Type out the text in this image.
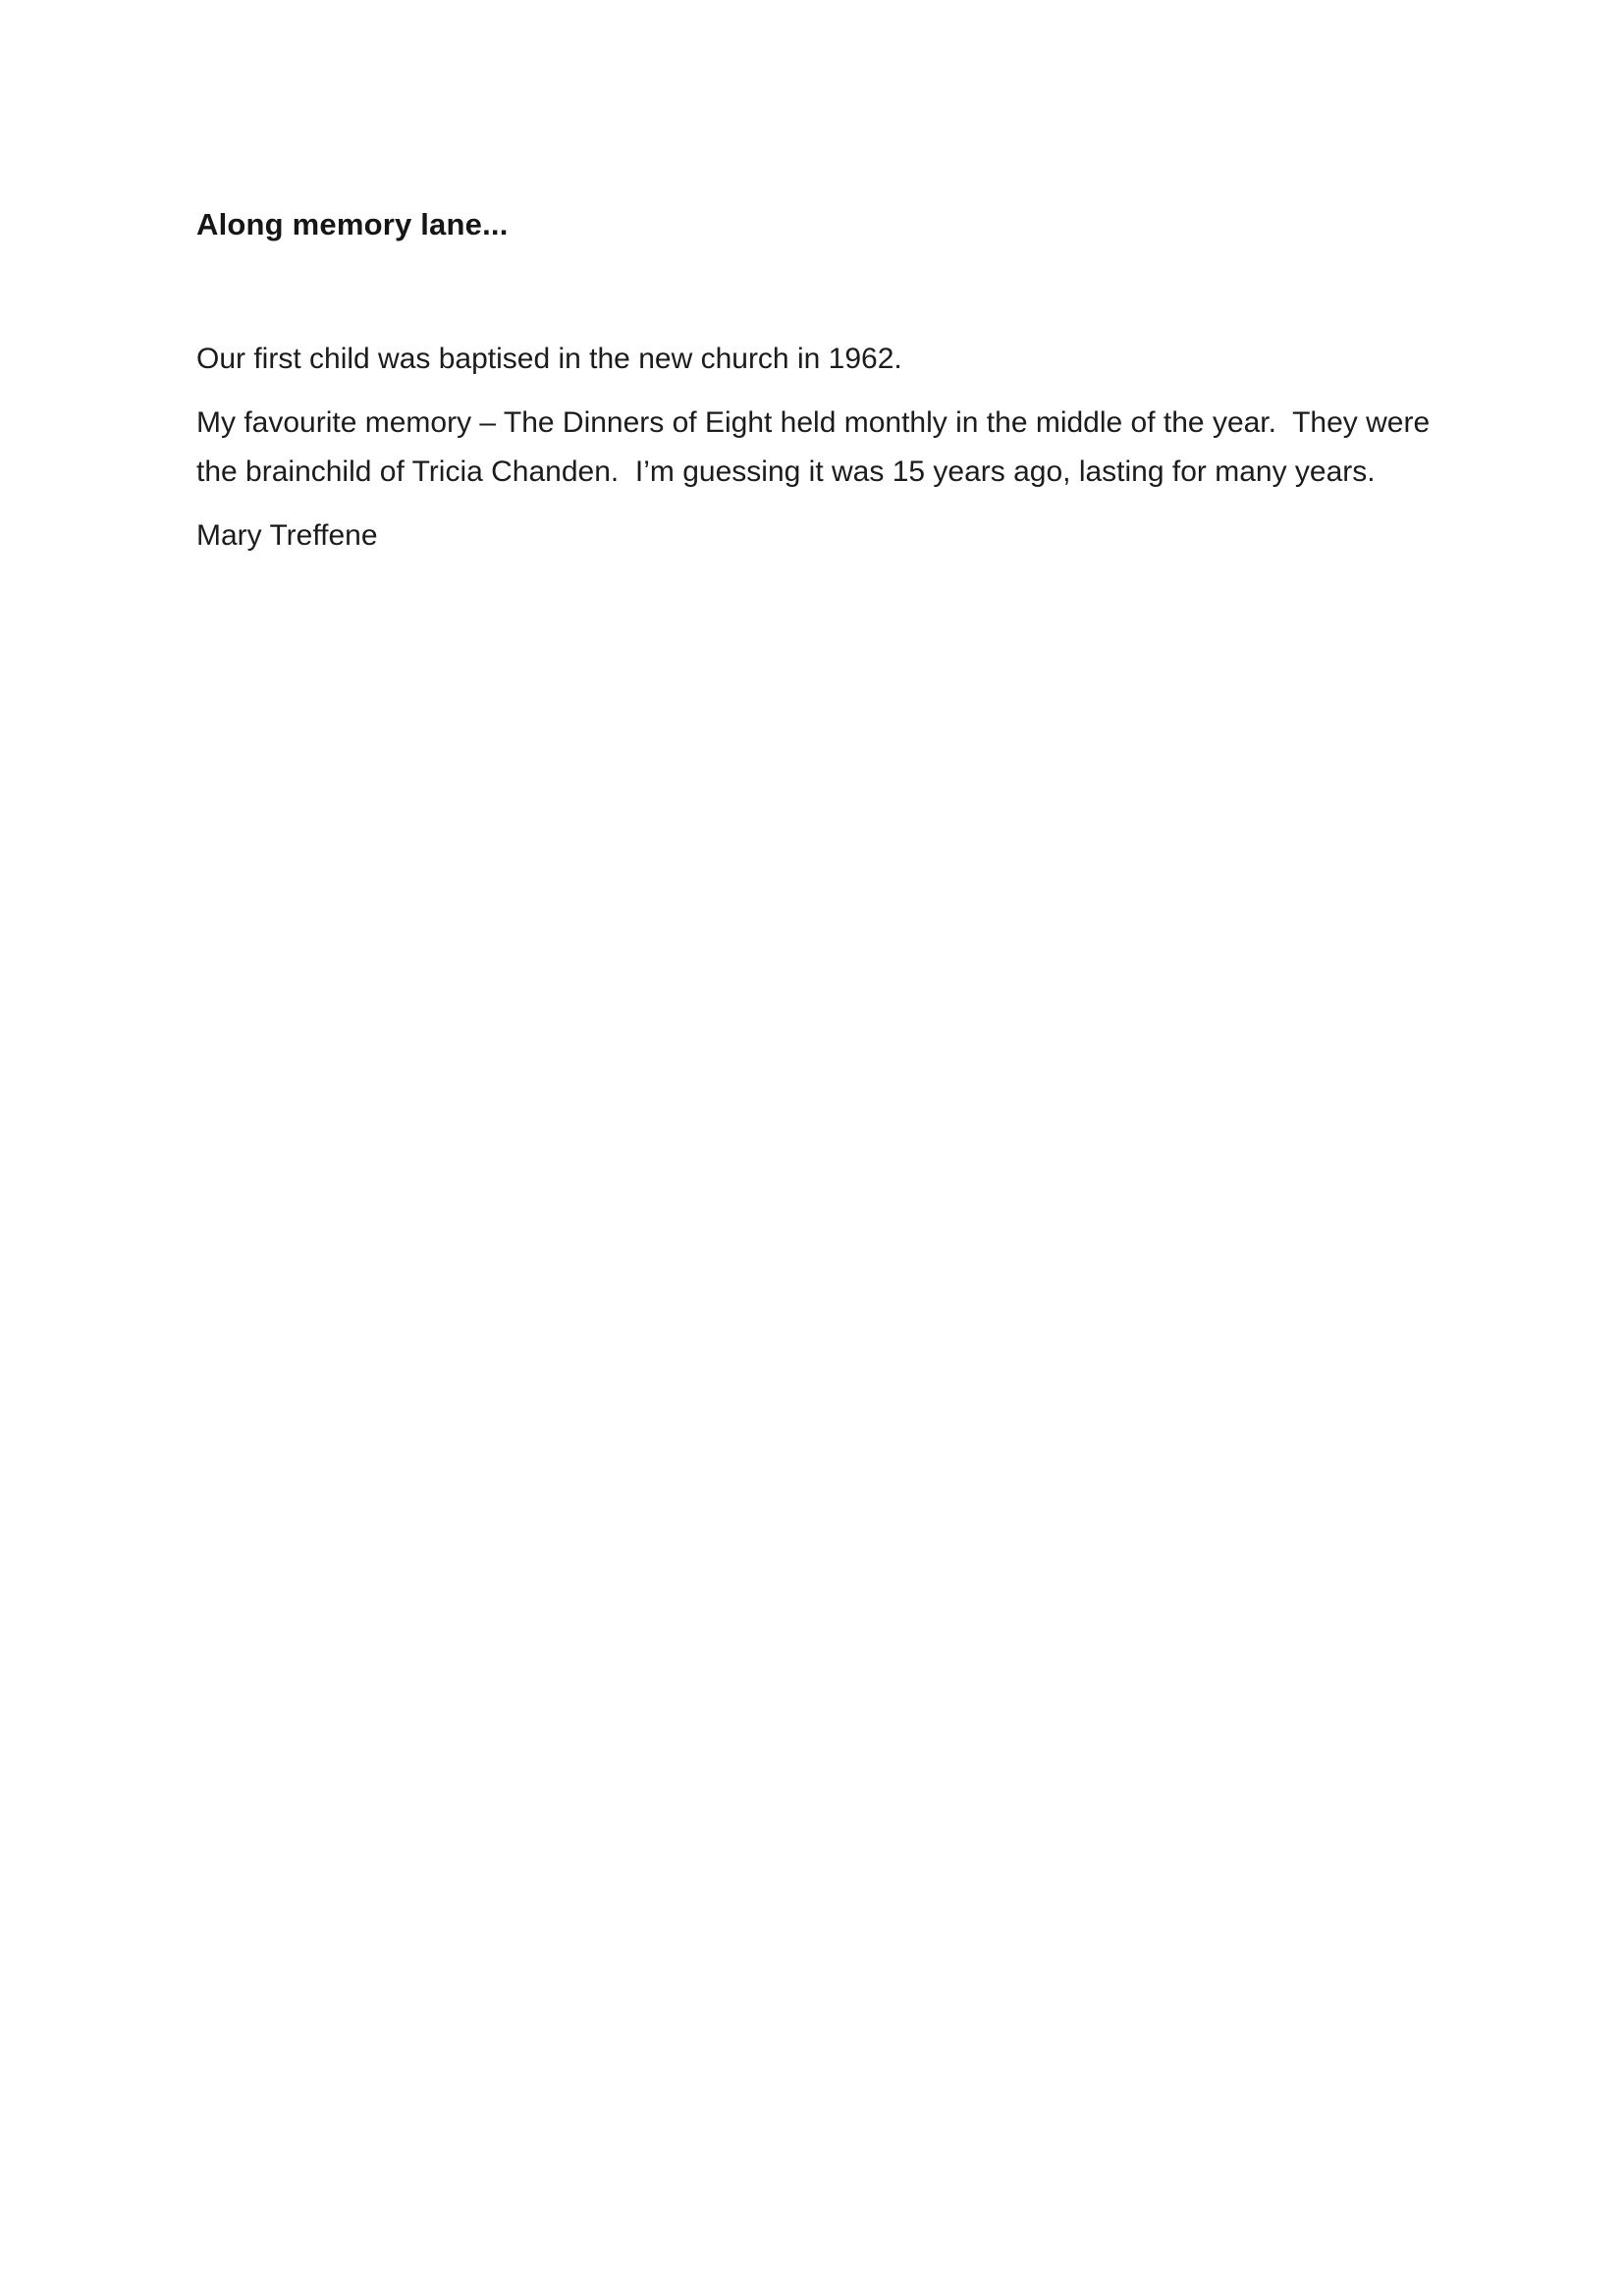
Along memory lane...

Our first child was baptised in the new church in 1962.

My favourite memory – The Dinners of Eight held monthly in the middle of the year.  They were the brainchild of Tricia Chanden.  I’m guessing it was 15 years ago, lasting for many years.

Mary Treffene
